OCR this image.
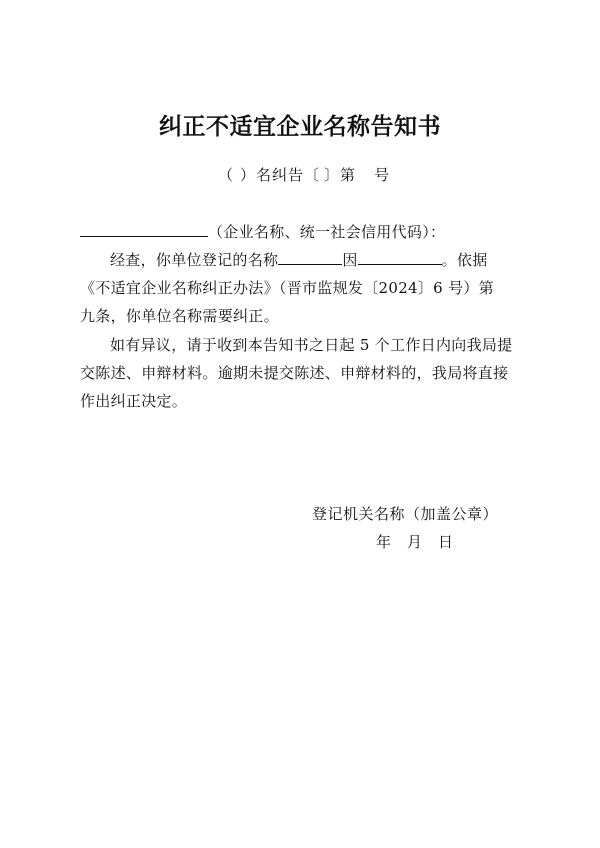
纠正不适宜企业名称告知书
（ ）名纠告〔 〕第 号
（企业名称、统一社会信用代码）：
经查，你单位登记的名称	因	。依据
《不适宜企业名称纠正办法》（晋市监规发〔2024〕6 号）第
九条，你单位名称需要纠正。
如有异议，请于收到本告知书之日起 5 个工作日内向我局提
交陈述、申辩材料。逾期未提交陈述、申辩材料的，我局将直接
作出纠正决定。
登记机关名称（加盖公章）
年　月　日
